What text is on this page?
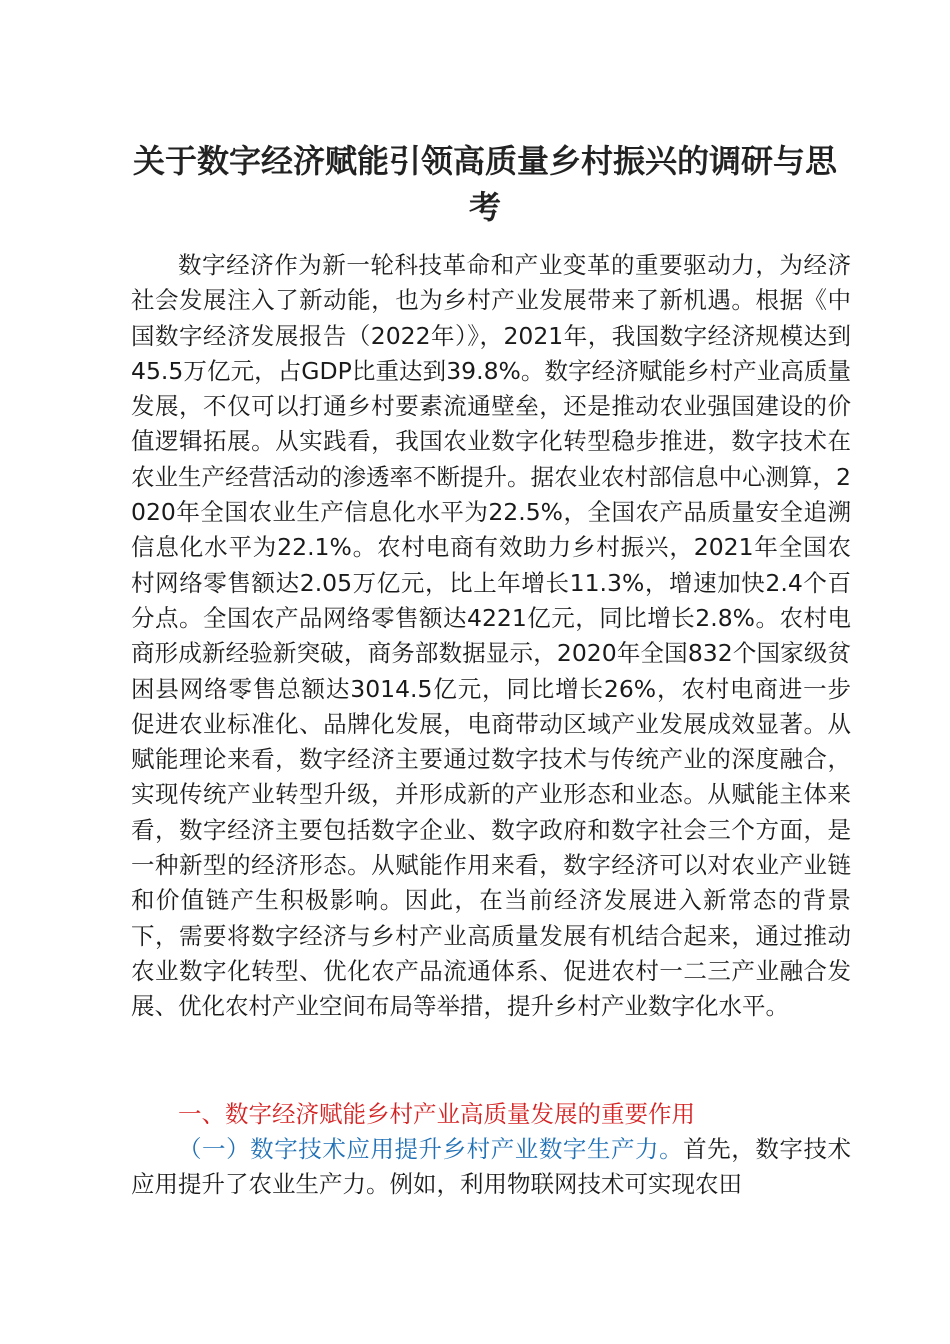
关于数字经济赋能引领高质量乡村振兴的调研与思考

数字经济作为新一轮科技革命和产业变革的重要驱动力，为经济社会发展注入了新动能，也为乡村产业发展带来了新机遇。根据《中国数字经济发展报告（2022年）》，2021年，我国数字经济规模达到45.5万亿元，占GDP比重达到39.8%。数字经济赋能乡村产业高质量发展，不仅可以打通乡村要素流通壁垒，还是推动农业强国建设的价值逻辑拓展。从实践看，我国农业数字化转型稳步推进，数字技术在农业生产经营活动的渗透率不断提升。据农业农村部信息中心测算，2020年全国农业生产信息化水平为22.5%，全国农产品质量安全追溯信息化水平为22.1%。农村电商有效助力乡村振兴，2021年全国农村网络零售额达2.05万亿元，比上年增长11.3%，增速加快2.4个百分点。全国农产品网络零售额达4221亿元，同比增长2.8%。农村电商形成新经验新突破，商务部数据显示，2020年全国832个国家级贫困县网络零售总额达3014.5亿元，同比增长26%，农村电商进一步促进农业标准化、品牌化发展，电商带动区域产业发展成效显著。从赋能理论来看，数字经济主要通过数字技术与传统产业的深度融合，实现传统产业转型升级，并形成新的产业形态和业态。从赋能主体来看，数字经济主要包括数字企业、数字政府和数字社会三个方面，是一种新型的经济形态。从赋能作用来看，数字经济可以对农业产业链和价值链产生积极影响。因此，在当前经济发展进入新常态的背景下，需要将数字经济与乡村产业高质量发展有机结合起来，通过推动农业数字化转型、优化农产品流通体系、促进农村一二三产业融合发展、优化农村产业空间布局等举措，提升乡村产业数字化水平。

一、数字经济赋能乡村产业高质量发展的重要作用

（一）数字技术应用提升乡村产业数字生产力。首先，数字技术应用提升了农业生产力。例如，利用物联网技术可实现农田
